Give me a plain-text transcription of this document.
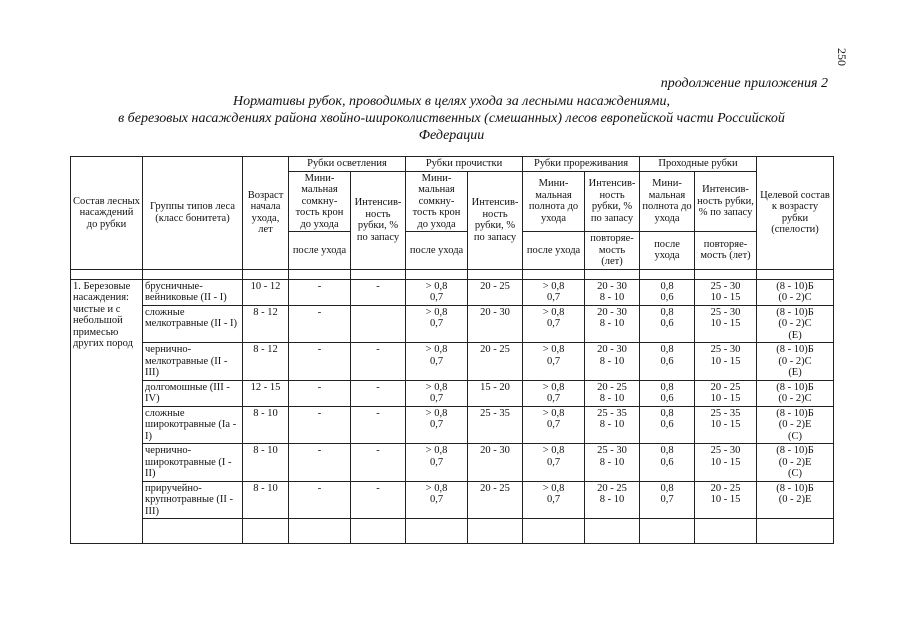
250
продолжение приложения 2
Нормативы рубок, проводимых в целях ухода за лесными насаждениями,
в березовых насаждениях района хвойно-широколиственных (смешанных) лесов европейской части Российской
Федерации
Состав лесных насаждений до рубки	Группы типов леса (класс бонитета)	Возраст начала ухода, лет	Рубки осветления		Рубки прочистки		Рубки прореживания		Проходные рубки		Целевой состав к возрасту рубки (спелости)
			Мини-мальная сомкну-тость крон до ухода	Интенсив-ность рубки, % по запасу	Мини-мальная сомкну-тость крон до ухода	Интенсив-ность рубки, % по запасу	Мини-мальная полнота до ухода	Интенсив-ность рубки, % по запасу	Мини-мальная полнота до ухода	Интенсив-ность рубки, % по запасу	
			после ухода		после ухода		после ухода	повторяе-мость (лет)	после ухода	повторяе-мость (лет)	

1. Березовые насаждения: чистые и с небольшой примесью других пород	брусничные-вейниковые (II - I)	10 - 12	-	-	> 0,8
0,7	20 - 25	> 0,8
0,7	20 - 30
8 - 10	0,8
0,6	25 - 30
10 - 15	(8 - 10)Б
(0 - 2)С
	сложные мелкотравные (II - I)	8 - 12	-		> 0,8
0,7	20 - 30	> 0,8
0,7	20 - 30
8 - 10	0,8
0,6	25 - 30
10 - 15	(8 - 10)Б
(0 - 2)С
(Е)
	чернично-мелкотравные (II - III)	8 - 12	-	-	> 0,8
0,7	20 - 25	> 0,8
0,7	20 - 30
8 - 10	0,8
0,6	25 - 30
10 - 15	(8 - 10)Б
(0 - 2)С
(Е)
	долгомошные (III - IV)	12 - 15	-	-	> 0,8
0,7	15 - 20	> 0,8
0,7	20 - 25
8 - 10	0,8
0,6	20 - 25
10 - 15	(8 - 10)Б
(0 - 2)С
	сложные широкотравные (Ia - I)	8 - 10	-	-	> 0,8
0,7	25 - 35	> 0,8
0,7	25 - 35
8 - 10	0,8
0,6	25 - 35
10 - 15	(8 - 10)Б
(0 - 2)Е
(С)
	чернично-широкотравные (I - II)	8 - 10	-	-	> 0,8
0,7	20 - 30	> 0,8
0,7	25 - 30
8 - 10	0,8
0,6	25 - 30
10 - 15	(8 - 10)Б
(0 - 2)Е
(С)
	приручейно-крупнотравные (II - III)	8 - 10	-	-	> 0,8
0,7	20 - 25	> 0,8
0,7	20 - 25
8 - 10	0,8
0,7	20 - 25
10 - 15	(8 - 10)Б
(0 - 2)Е
